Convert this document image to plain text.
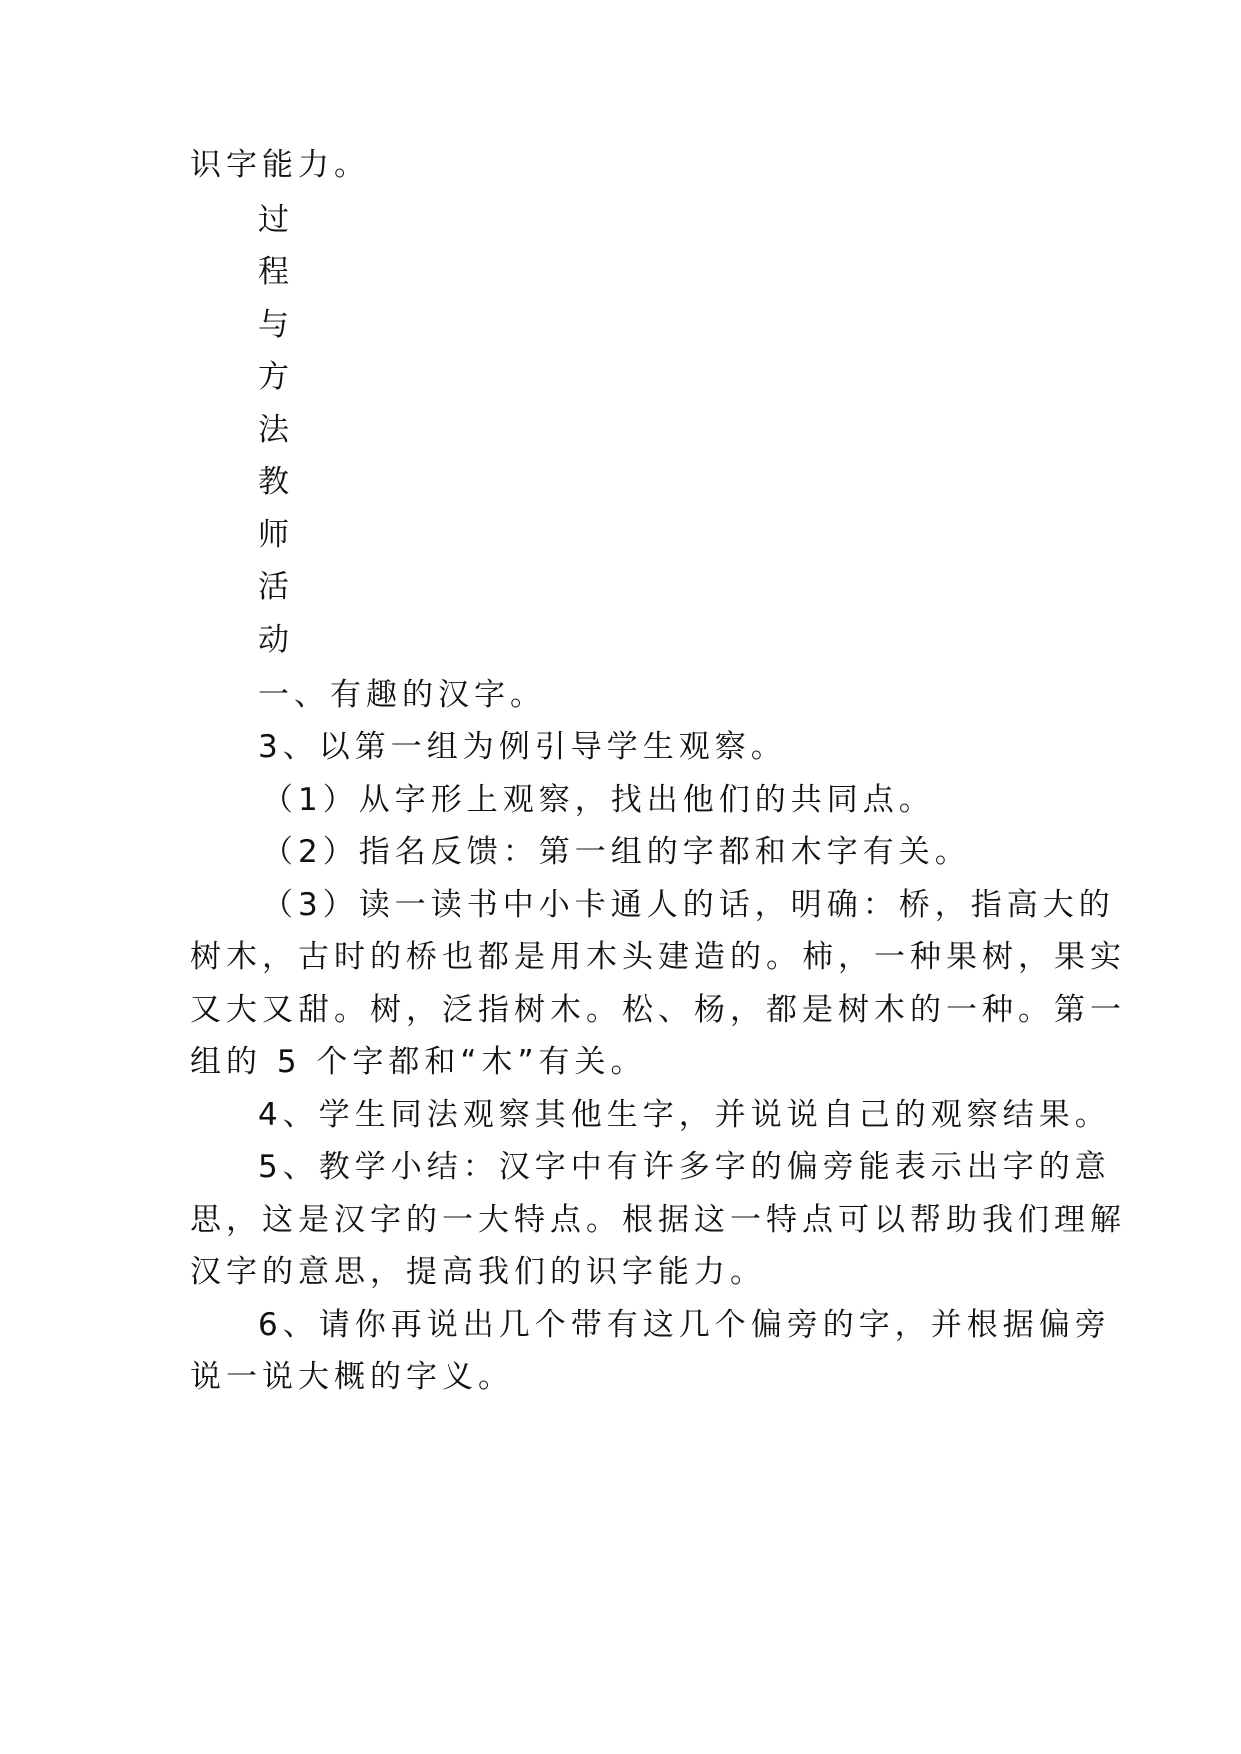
识字能力。
过
程
与
方
法
教
师
活
动
一、有趣的汉字。
3、以第一组为例引导学生观察。
（1）从字形上观察，找出他们的共同点。
（2）指名反馈：第一组的字都和木字有关。
（3）读一读书中小卡通人的话，明确：桥，指高大的
树木，古时的桥也都是用木头建造的。柿，一种果树，果实
又大又甜。树，泛指树木。松、杨，都是树木的一种。第一
组的 5 个字都和“木”有关。
4、学生同法观察其他生字，并说说自己的观察结果。
5、教学小结：汉字中有许多字的偏旁能表示出字的意
思，这是汉字的一大特点。根据这一特点可以帮助我们理解
汉字的意思，提高我们的识字能力。
6、请你再说出几个带有这几个偏旁的字，并根据偏旁
说一说大概的字义。
